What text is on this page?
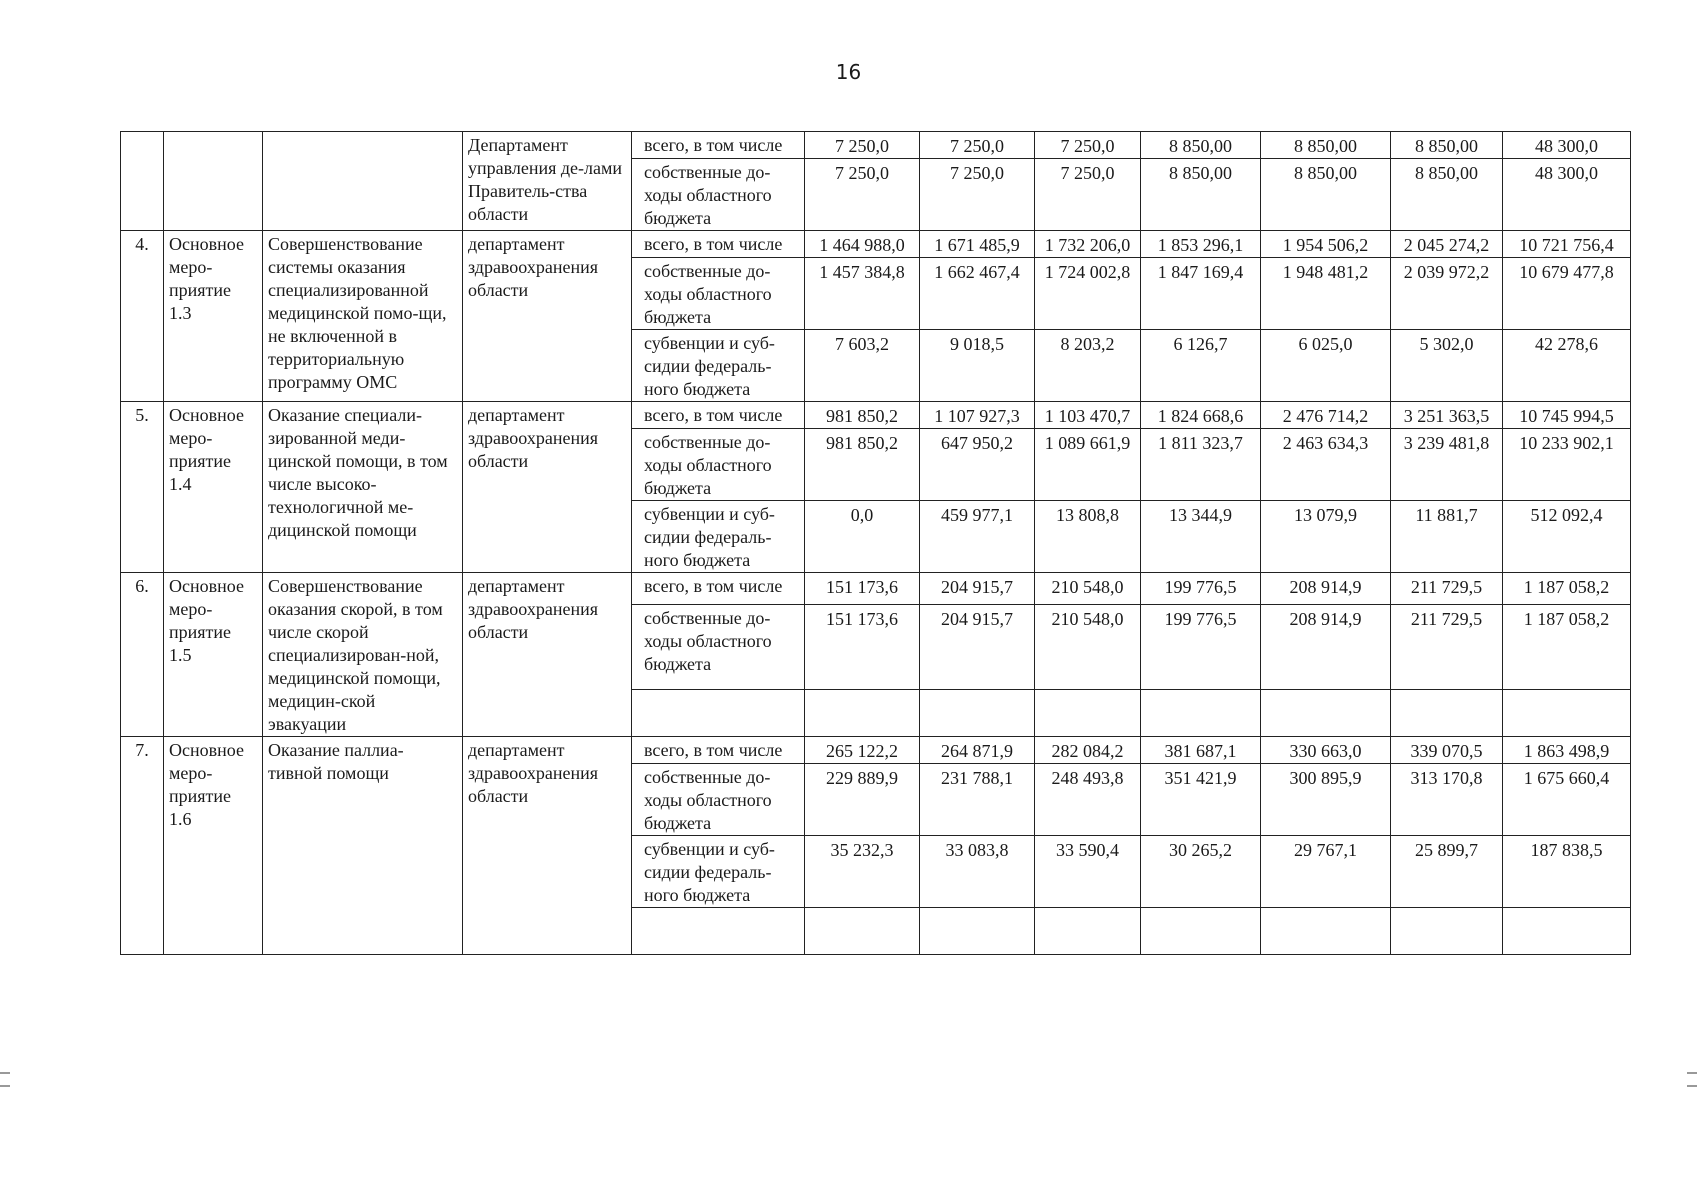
16
			Департамент управления де-лами Правитель-ства области	всего, в том числе	7 250,0	7 250,0	7 250,0	8 850,00	8 850,00	8 850,00	48 300,0
				собственные до-ходы областного бюджета	7 250,0	7 250,0	7 250,0	8 850,00	8 850,00	8 850,00	48 300,0
4.	Основное меро-приятие 1.3	Совершенствование системы оказания специализированной медицинской помо-щи, не включенной в территориальную программу ОМС	департамент здравоохранения области	всего, в том числе	1 464 988,0	1 671 485,9	1 732 206,0	1 853 296,1	1 954 506,2	2 045 274,2	10 721 756,4
				собственные до-ходы областного бюджета	1 457 384,8	1 662 467,4	1 724 002,8	1 847 169,4	1 948 481,2	2 039 972,2	10 679 477,8
				субвенции и суб-сидии федераль-ного бюджета	7 603,2	9 018,5	8 203,2	6 126,7	6 025,0	5 302,0	42 278,6
5.	Основное меро-приятие 1.4	Оказание специали-зированной меди-цинской помощи, в том числе высоко-технологичной ме-дицинской помощи	департамент здравоохранения области	всего, в том числе	981 850,2	1 107 927,3	1 103 470,7	1 824 668,6	2 476 714,2	3 251 363,5	10 745 994,5
				собственные до-ходы областного бюджета	981 850,2	647 950,2	1 089 661,9	1 811 323,7	2 463 634,3	3 239 481,8	10 233 902,1
				субвенции и суб-сидии федераль-ного бюджета	0,0	459 977,1	13 808,8	13 344,9	13 079,9	11 881,7	512 092,4
6.	Основное меро-приятие 1.5	Совершенствование оказания скорой, в том числе скорой специализирован-ной, медицинской помощи, медицин-ской эвакуации	департамент здравоохранения области	всего, в том числе	151 173,6	204 915,7	210 548,0	199 776,5	208 914,9	211 729,5	1 187 058,2
				собственные до-ходы областного бюджета	151 173,6	204 915,7	210 548,0	199 776,5	208 914,9	211 729,5	1 187 058,2

7.	Основное меро-приятие 1.6	Оказание паллиа-тивной помощи	департамент здравоохранения области	всего, в том числе	265 122,2	264 871,9	282 084,2	381 687,1	330 663,0	339 070,5	1 863 498,9
				собственные до-ходы областного бюджета	229 889,9	231 788,1	248 493,8	351 421,9	300 895,9	313 170,8	1 675 660,4
				субвенции и суб-сидии федераль-ного бюджета	35 232,3	33 083,8	33 590,4	30 265,2	29 767,1	25 899,7	187 838,5
